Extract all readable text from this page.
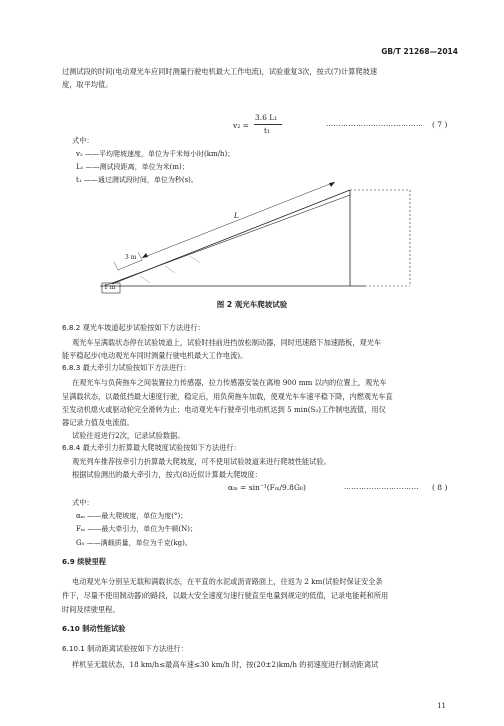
GB/T 21268—2014
过测试段的时间(电动观光车应同时测量行驶电机最大工作电流)，试验重复3次，按式(7)计算爬坡速
度，取平均值。
v₂ =
3.6 L₁
t₁
………………………………… ( 7 )
式中：
v₂ ——平均爬坡速度，单位为千米每小时(km/h)；
L₁ ——测试段距离，单位为米(m)；
t₁ ——通过测试段时间，单位为秒(s)。
L
3 m
1 m
图 2 观光车爬坡试验
6.8.2 观光车坡道起步试验按如下方法进行：
观光车呈满载状态停在试验坡道上，试验时挂前进挡放松制动器，同时迅速踏下加速踏板，观光车
能平稳起步(电动观光车同时测量行驶电机最大工作电流)。
6.8.3 最大牵引力试验按如下方法进行：
在观光车与负荷拖车之间装置拉力传感器，拉力传感器安装在离地 900 mm 以内的位置上，观光车
呈满载状态，以最低挡最大速度行驶，稳定后，用负荷拖车加载，使观光车车速平稳下降，内燃观光车直
至发动机熄火或驱动轮完全滑转为止；电动观光车行驶牵引电动机达到 5 min(S₂)工作制电流值，用仪
器记录力值及电流值。
试验往返进行2次，记录试验数据。
6.8.4 最大牵引力折算最大爬坡度试验按如下方法进行：
观光列车推荐按牵引力折算最大爬坡度，可不使用试验坡道来进行爬坡性能试验。
根据试验测出的最大牵引力，按式(8)近似计算最大爬坡度：
αₘ = sin⁻¹(Fₘ/9.8G₀)	………………………… ( 8 )
式中：
αₘ ——最大爬坡度，单位为度(°)；
Fₘ ——最大牵引力，单位为牛顿(N)；
G₀ ——满载质量，单位为千克(kg)。
6.9 续驶里程
电动观光车分别呈无载和满载状态，在平直的水泥或沥青路面上，往返为 2 km(试验时保证安全条
件下，尽量不使用制动器)的路段，以最大安全速度匀速行驶直至电量到规定的低值，记录电能耗和所用
时间及续驶里程。
6.10 制动性能试验
6.10.1 制动距离试验按如下方法进行：
样机呈无载状态，18 km/h≤最高车速≤30 km/h 时，按(20±2)km/h 的初速度进行制动距离试
11
